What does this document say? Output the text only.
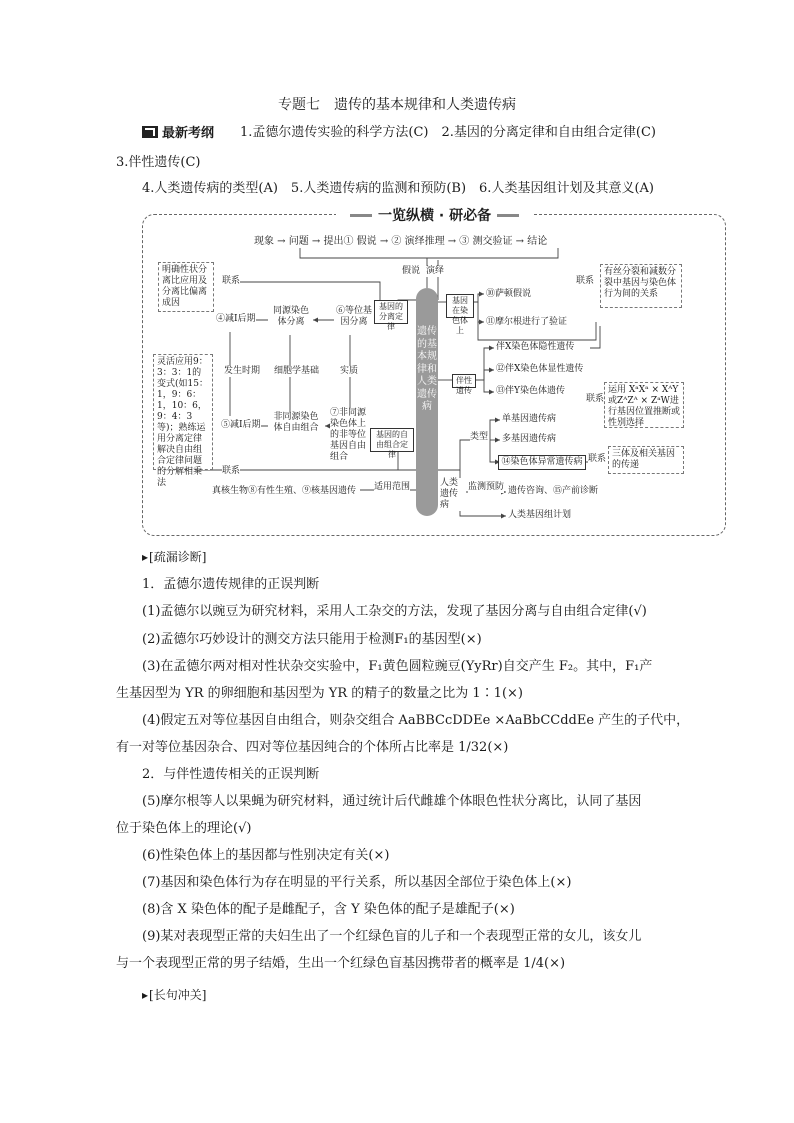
专题七　遗传的基本规律和人类遗传病
最新考纲 1.孟德尔遗传实验的科学方法(C)　2.基因的分离定律和自由组合定律(C)
3.伴性遗传(C)
4.人类遗传病的类型(A)　5.人类遗传病的监测和预防(B)　6.人类基因组计划及其意义(A)
一览纵横 · 研必备
现象 → 问题 → 提出① 假说 → ② 演绎推理 → ③ 测交验证 → 结论
假说 演绎
明确性状分离比应用及分离比偏离成因
灵活应用9：3：3：1的变式(如15：1，9：6：1，10：6，9：4：3等)；熟练运用分离定律解决自由组合定律问题的分解相乘法
联系
联系
④减Ⅰ后期
同源染色体分离
⑥等位基因分离
发生时期 细胞学基础 实质
⑤减Ⅰ后期
非同源染色体自由组合
⑦非同源染色体上的非等位基因自由组合
基因的分离定律
基因的自由组合定律
适用范围
真核生物⑧有性生殖、⑨核基因遗传
遗传的基本规律和人类遗传病
基因在染色体上
⑩萨顿假说
⑪摩尔根进行了验证
伴性遗传
伴X染色体隐性遗传
⑫伴X染色体显性遗传
⑬伴Y染色体遗传
有丝分裂和减数分裂中基因与染色体行为间的关系
联系
运用 XᵃXᵃ × XᴬY 或ZᴬZᴬ × ZᵃW进行基因位置推断或性别选择
联系
类型
人类遗传病
单基因遗传病
多基因遗传病
⑭染色体异常遗传病 联系 三体及相关基因的传递
监测预防 遗传咨询、⑮产前诊断
人类基因组计划
▸ [疏漏诊断]
1．孟德尔遗传规律的正误判断
(1)孟德尔以豌豆为研究材料，采用人工杂交的方法，发现了基因分离与自由组合定律(√)
(2)孟德尔巧妙设计的测交方法只能用于检测F₁的基因型(×)
(3)在孟德尔两对相对性状杂交实验中，F₁黄色圆粒豌豆(YyRr)自交产生 F₂。其中，F₁产
生基因型为 YR 的卵细胞和基因型为 YR 的精子的数量之比为 1∶1(×)
(4)假定五对等位基因自由组合，则杂交组合 AaBBCcDDEe ×AaBbCCddEe 产生的子代中，
有一对等位基因杂合、四对等位基因纯合的个体所占比率是 1/32(×)
2．与伴性遗传相关的正误判断
(5)摩尔根等人以果蝇为研究材料，通过统计后代雌雄个体眼色性状分离比，认同了基因
位于染色体上的理论(√)
(6)性染色体上的基因都与性别决定有关(×)
(7)基因和染色体行为存在明显的平行关系，所以基因全部位于染色体上(×)
(8)含 X 染色体的配子是雌配子，含 Y 染色体的配子是雄配子(×)
(9)某对表现型正常的夫妇生出了一个红绿色盲的儿子和一个表现型正常的女儿，该女儿
与一个表现型正常的男子结婚，生出一个红绿色盲基因携带者的概率是 1/4(×)
▸ [长句冲关]
